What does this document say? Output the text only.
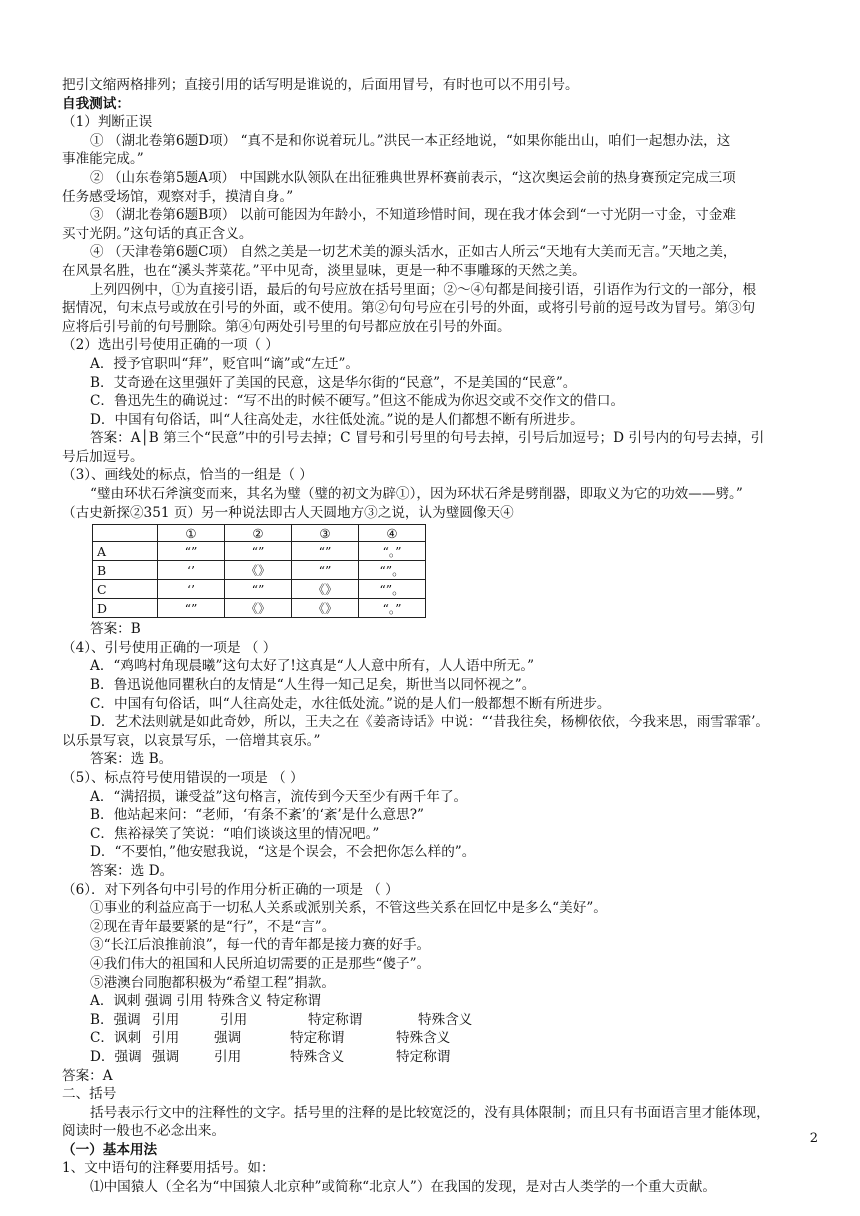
把引文缩两格排列；直接引用的话写明是谁说的，后面用冒号，有时也可以不用引号。

自我测试：

（1）判断正误

① （湖北卷第6题D项） “真不是和你说着玩儿。”洪民一本正经地说，“如果你能出山，咱们一起想办法，这

事准能完成。”

② （山东卷第5题A项） 中国跳水队领队在出征雅典世界杯赛前表示，“这次奥运会前的热身赛预定完成三项

任务感受场馆，观察对手，摸清自身。”

③ （湖北卷第6题B项） 以前可能因为年龄小，不知道珍惜时间，现在我才体会到“一寸光阴一寸金，寸金难

买寸光阴。”这句话的真正含义。

④ （天津卷第6题C项） 自然之美是一切艺术美的源头活水，正如古人所云“天地有大美而无言。”天地之美，

在风景名胜，也在“溪头荠菜花。”平中见奇，淡里显味，更是一种不事雕琢的天然之美。

上列四例中，①为直接引语，最后的句号应放在括号里面；②～④句都是间接引语，引语作为行文的一部分，根

据情况，句末点号或放在引号的外面，或不使用。第②句句号应在引号的外面，或将引号前的逗号改为冒号。第③句

应将后引号前的句号删除。第④句两处引号里的句号都应放在引号的外面。

（2）选出引号使用正确的一项（ ）

A．授予官职叫“拜”，贬官叫“谪”或“左迁”。

B．艾奇逊在这里强奸了美国的民意，这是华尔街的“民意”，不是美国的“民意”。

C．鲁迅先生的确说过：“写不出的时候不硬写。”但这不能成为你迟交或不交作文的借口。

D．中国有句俗话，叫“人往高处走，水往低处流。”说的是人们都想不断有所进步。

答案：A│B 第三个“民意”中的引号去掉；C 冒号和引号里的句号去掉，引号后加逗号；D 引号内的句号去掉，引

号后加逗号。

（3）、画线处的标点，恰当的一组是（ ）

“璧由环状石斧演变而来，其名为璧（璧的初文为辟①），因为环状石斧是劈削器，即取义为它的功效——劈。”

（古史新探②351 页）另一种说法即古人天圆地方③之说，认为璧圆像天④

	①	②	③	④
A	“”	“”	“”	“。”
B	‘’	《》	“”	“”。
C	‘’	“”	《》	“”。
D	“”	《》	《》	“。”

答案：B

（4）、引号使用正确的一项是 （ ）

A．“鸡鸣村角现晨曦”这句太好了!这真是“人人意中所有，人人语中所无。”

B．鲁迅说他同瞿秋白的友情是“人生得一知己足矣，斯世当以同怀视之”。

C．中国有句俗话，叫“人往高处走，水往低处流。”说的是人们一般都想不断有所进步。

D．艺术法则就是如此奇妙，所以，王夫之在《姜斋诗话》中说：“‘昔我往矣，杨柳依依，今我来思，雨雪霏霏’。

以乐景写哀，以哀景写乐，一倍增其哀乐。”

答案：选 B。

（5）、标点符号使用错误的一项是 （ ）

A．“满招损，谦受益”这句格言，流传到今天至少有两千年了。

B．他站起来问：“老师，‘有条不紊’的‘紊’是什么意思?”

C．焦裕禄笑了笑说：“咱们谈谈这里的情况吧。”

D．“不要怕，”他安慰我说，“这是个误会，不会把你怎么样的”。

答案：选 D。

（6）．对下列各句中引号的作用分析正确的一项是 （ ）

①事业的利益应高于一切私人关系或派别关系，不管这些关系在回忆中是多么“美好”。

②现在青年最要紧的是“行”，不是“言”。

③“长江后浪推前浪”，每一代的青年都是接力赛的好手。

④我们伟大的祖国和人民所迫切需要的正是那些“傻子”。

⑤港澳台同胞都积极为“希望工程”捐款。

A．讽刺 强调 引用 特殊含义 特定称谓

B．强调 引用	引用	特定称谓	特殊含义

C．讽刺 引用	强调	特定称谓	特殊含义

D．强调 强调	引用	特殊含义	特定称谓

答案：A

二、括号

括号表示行文中的注释性的文字。括号里的注释的是比较宽泛的，没有具体限制；而且只有书面语言里才能体现，

阅读时一般也不必念出来。

（一）基本用法

1、文中语句的注释要用括号。如：

⑴中国猿人（全名为“中国猿人北京种”或简称“北京人”）在我国的发现，是对古人类学的一个重大贡献。

2
